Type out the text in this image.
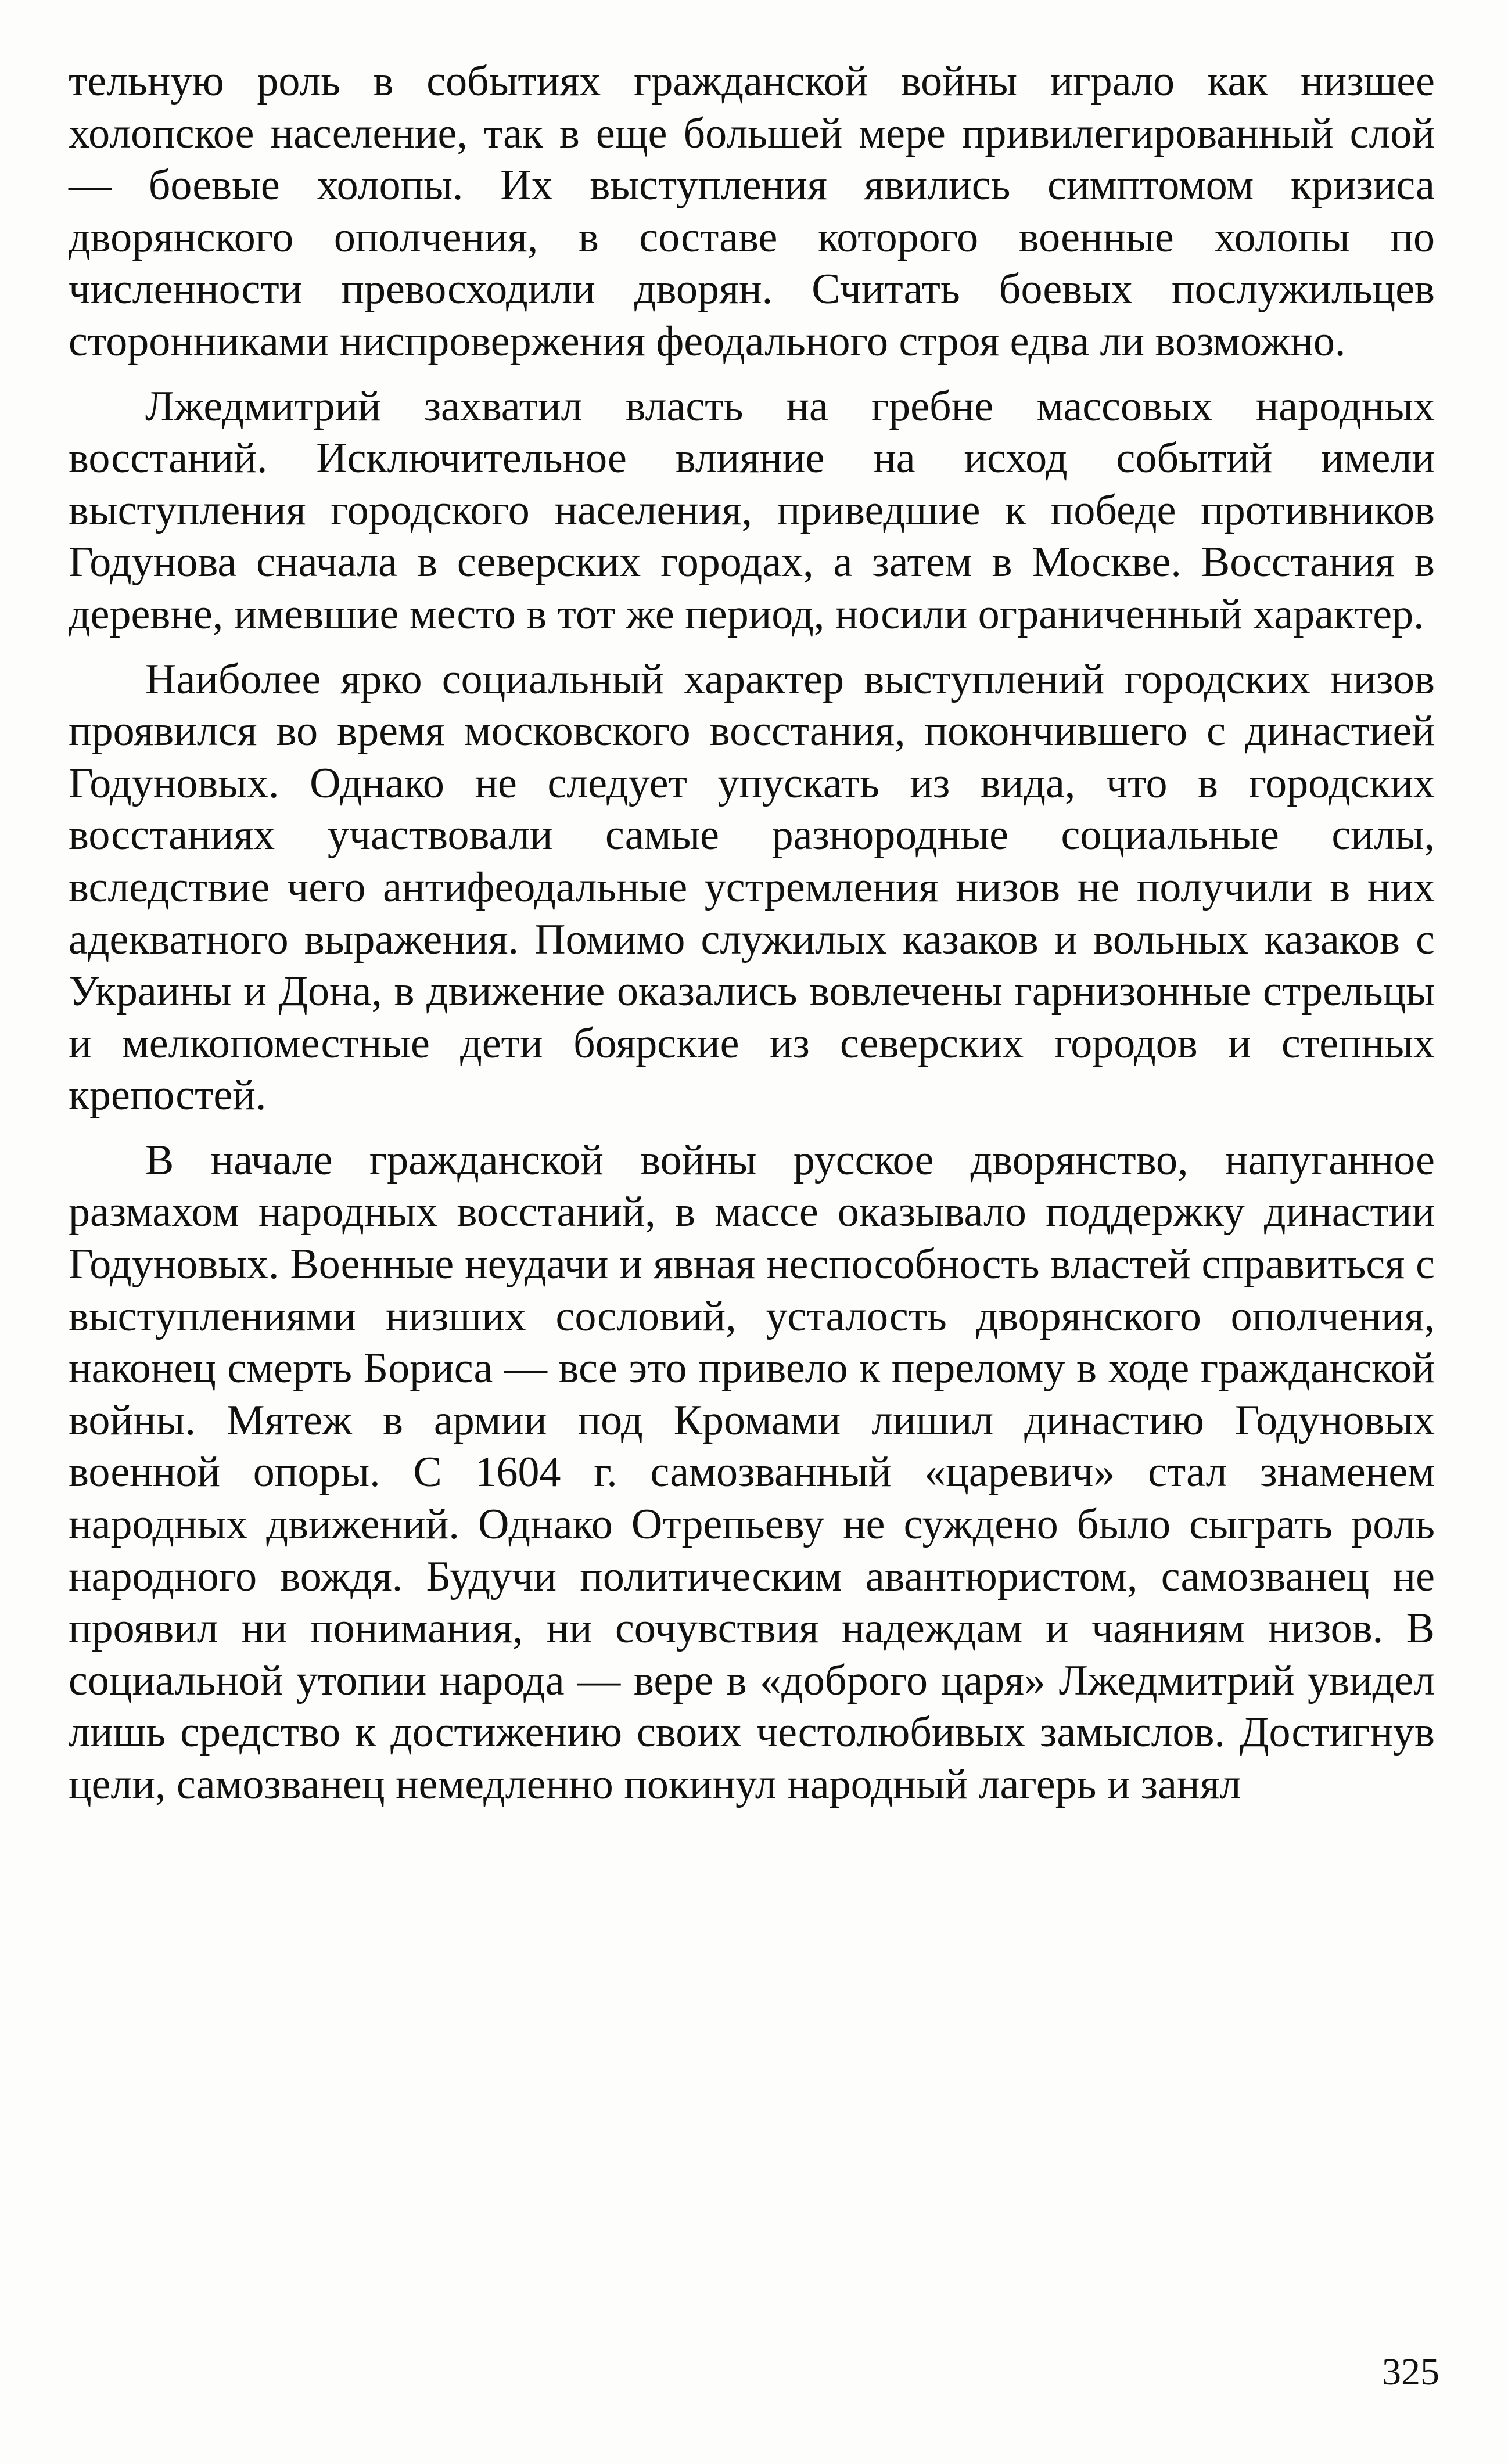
тельную роль в событиях гражданской войны играло как низшее холопское население, так в еще большей мере привилегированный слой — боевые холопы. Их выступления явились симптомом кризиса дворянского ополчения, в составе которого военные холопы по численности превосходили дворян. Считать боевых послужильцев сторонниками ниспровержения феодального строя едва ли возможно.

Лжедмитрий захватил власть на гребне массовых народных восстаний. Исключительное влияние на исход событий имели выступления городского населения, приведшие к победе противников Годунова сначала в северских городах, а затем в Москве. Восстания в деревне, имевшие место в тот же период, носили ограниченный характер.

Наиболее ярко социальный характер выступлений городских низов проявился во время московского восстания, покончившего с династией Годуновых. Однако не следует упускать из вида, что в городских восстаниях участвовали самые разнородные социальные силы, вследствие чего антифеодальные устремления низов не получили в них адекватного выражения. Помимо служилых казаков и вольных казаков с Украины и Дона, в движение оказались вовлечены гарнизонные стрельцы и мелкопоместные дети боярские из северских городов и степных крепостей.

В начале гражданской войны русское дворянство, напуганное размахом народных восстаний, в массе оказывало поддержку династии Годуновых. Военные неудачи и явная неспособность властей справиться с выступлениями низших сословий, усталость дворянского ополчения, наконец смерть Бориса — все это привело к перелому в ходе гражданской войны. Мятеж в армии под Кромами лишил династию Годуновых военной опоры. С 1604 г. самозванный «царевич» стал знаменем народных движений. Однако Отрепьеву не суждено было сыграть роль народного вождя. Будучи политическим авантюристом, самозванец не проявил ни понимания, ни сочувствия надеждам и чаяниям низов. В социальной утопии народа — вере в «доброго царя» Лжедмитрий увидел лишь средство к достижению своих честолюбивых замыслов. Достигнув цели, самозванец немедленно покинул народный лагерь и занял

325
